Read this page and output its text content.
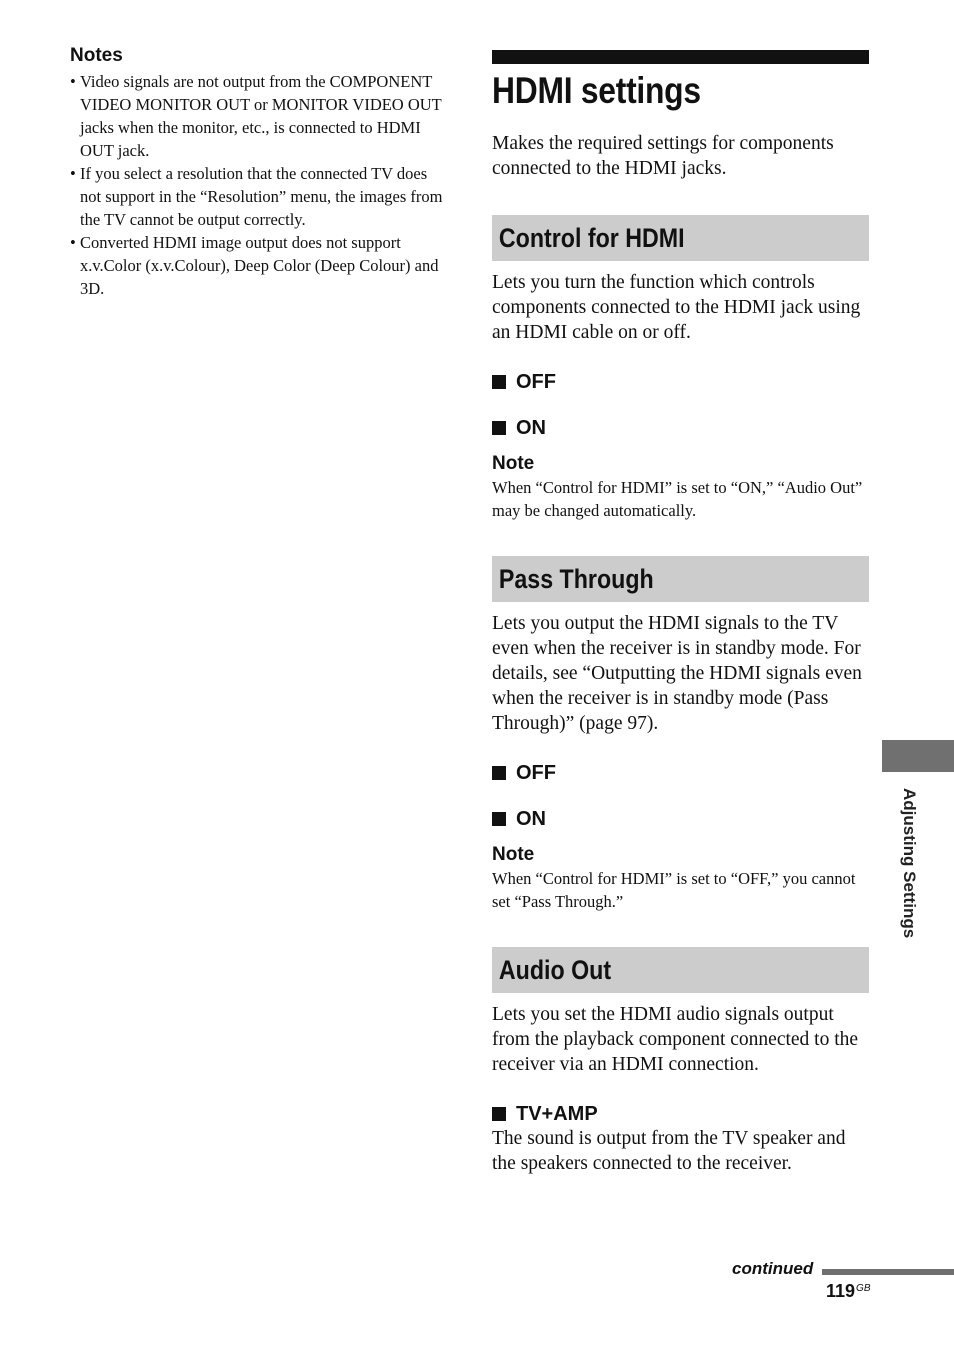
Notes
• Video signals are not output from the COMPONENT VIDEO MONITOR OUT or MONITOR VIDEO OUT jacks when the monitor, etc., is connected to HDMI OUT jack.
• If you select a resolution that the connected TV does not support in the “Resolution” menu, the images from the TV cannot be output correctly.
• Converted HDMI image output does not support x.v.Color (x.v.Colour), Deep Color (Deep Colour) and 3D.
HDMI settings

Makes the required settings for components connected to the HDMI jacks.

Control for HDMI

Lets you turn the function which controls components connected to the HDMI jack using an HDMI cable on or off.

OFF
ON
Note

When “Control for HDMI” is set to “ON,” “Audio Out” may be changed automatically.

Pass Through

Lets you output the HDMI signals to the TV even when the receiver is in standby mode. For details, see “Outputting the HDMI signals even when the receiver is in standby mode (Pass Through)” (page 97).

OFF
ON
Note

When “Control for HDMI” is set to “OFF,” you cannot set “Pass Through.”

Audio Out

Lets you set the HDMI audio signals output from the playback component connected to the receiver via an HDMI connection.

TV+AMP

The sound is output from the TV speaker and the speakers connected to the receiver.

Adjusting Settings
continued
$119^{GB}$
